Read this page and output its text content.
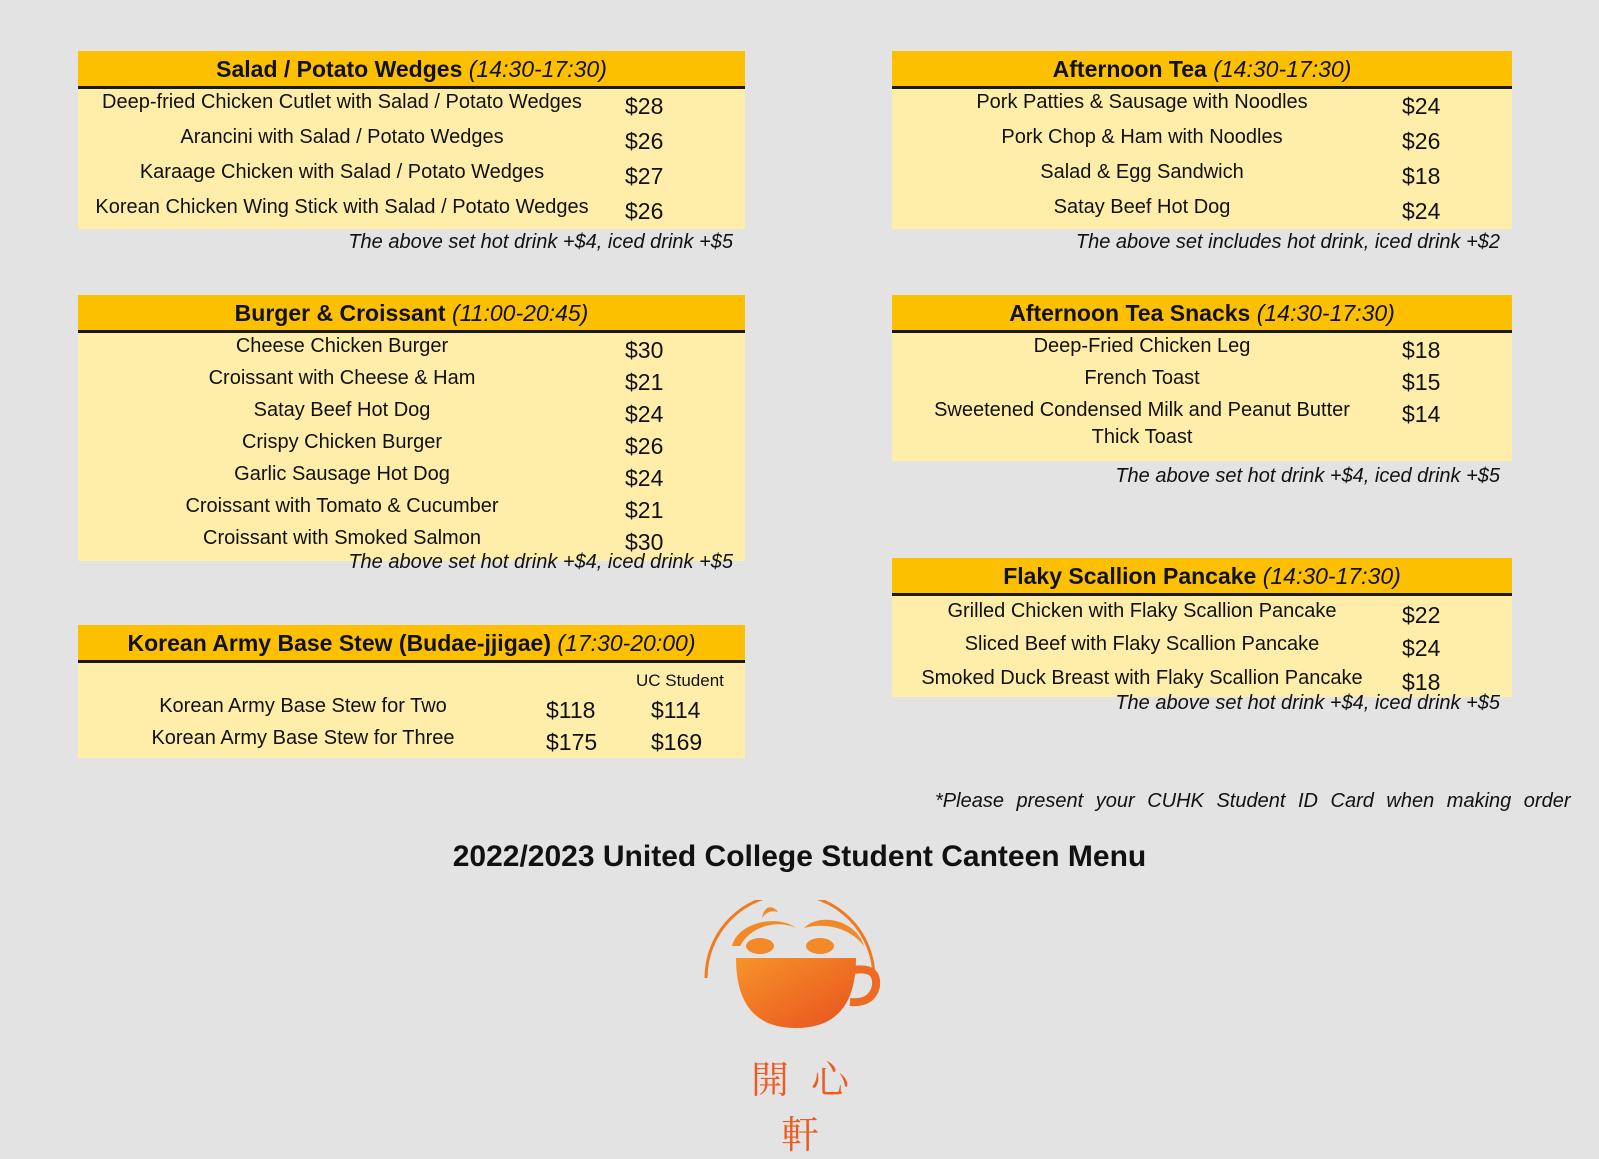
Salad / Potato Wedges (14:30-17:30)
Deep-fried Chicken Cutlet with Salad / Potato Wedges	$28
Arancini with Salad / Potato Wedges	$26
Karaage Chicken with Salad / Potato Wedges	$27
Korean Chicken Wing Stick with Salad / Potato Wedges	$26
The above set hot drink +$4, iced drink +$5
Afternoon Tea (14:30-17:30)
Pork Patties & Sausage with Noodles	$24
Pork Chop & Ham with Noodles	$26
Salad & Egg Sandwich	$18
Satay Beef Hot Dog	$24
The above set includes hot drink, iced drink +$2
Burger & Croissant (11:00-20:45)
Cheese Chicken Burger	$30
Croissant with Cheese & Ham	$21
Satay Beef Hot Dog	$24
Crispy Chicken Burger	$26
Garlic Sausage Hot Dog	$24
Croissant with Tomato & Cucumber	$21
Croissant with Smoked Salmon	$30
The above set hot drink +$4, iced drink +$5
Afternoon Tea Snacks (14:30-17:30)
Deep-Fried Chicken Leg	$18
French Toast	$15
Sweetened Condensed Milk and Peanut Butter
Thick Toast
$14
The above set hot drink +$4, iced drink +$5
Korean Army Base Stew (Budae-jjigae) (17:30-20:00)
UC Student
Korean Army Base Stew for Two	$118 $114
Korean Army Base Stew for Three	$175 $169
Flaky Scallion Pancake (14:30-17:30)
Grilled Chicken with Flaky Scallion Pancake	$22
Sliced Beef with Flaky Scallion Pancake	$24
Smoked Duck Breast with Flaky Scallion Pancake	$18
The above set hot drink +$4, iced drink +$5
*Please present your CUHK Student ID Card when making order
2022/2023 United College Student Canteen Menu
開心軒
